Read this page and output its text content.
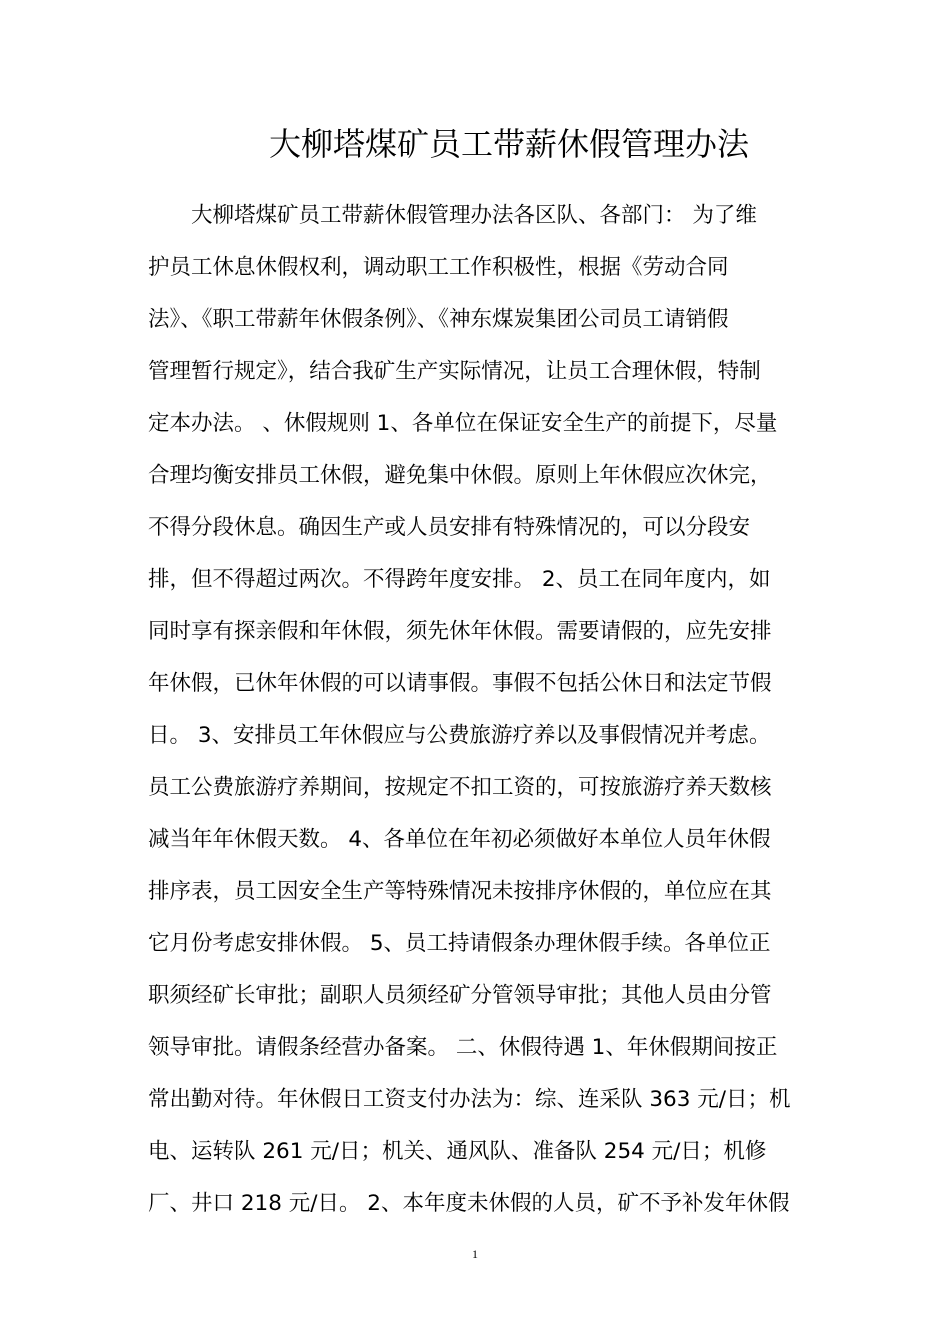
大柳塔煤矿员工带薪休假管理办法
大柳塔煤矿员工带薪休假管理办法各区队、各部门： 为了维
护员工休息休假权利，调动职工工作积极性，根据《劳动合同
法》、《职工带薪年休假条例》、《神东煤炭集团公司员工请销假
管理暂行规定》，结合我矿生产实际情况，让员工合理休假，特制
定本办法。 、休假规则 1、各单位在保证安全生产的前提下，尽量
合理均衡安排员工休假，避免集中休假。原则上年休假应次休完，
不得分段休息。确因生产或人员安排有特殊情况的，可以分段安
排，但不得超过两次。不得跨年度安排。 2、员工在同年度内，如
同时享有探亲假和年休假，须先休年休假。需要请假的，应先安排
年休假，已休年休假的可以请事假。事假不包括公休日和法定节假
日。 3、安排员工年休假应与公费旅游疗养以及事假情况并考虑。
员工公费旅游疗养期间，按规定不扣工资的，可按旅游疗养天数核
减当年年休假天数。 4、各单位在年初必须做好本单位人员年休假
排序表，员工因安全生产等特殊情况未按排序休假的，单位应在其
它月份考虑安排休假。 5、员工持请假条办理休假手续。各单位正
职须经矿长审批；副职人员须经矿分管领导审批；其他人员由分管
领导审批。请假条经营办备案。 二、休假待遇 1、年休假期间按正
常出勤对待。年休假日工资支付办法为：综、连采队 363 元/日；机
电、运转队 261 元/日；机关、通风队、准备队 254 元/日；机修
厂、井口 218 元/日。 2、本年度未休假的人员，矿不予补发年休假
1
